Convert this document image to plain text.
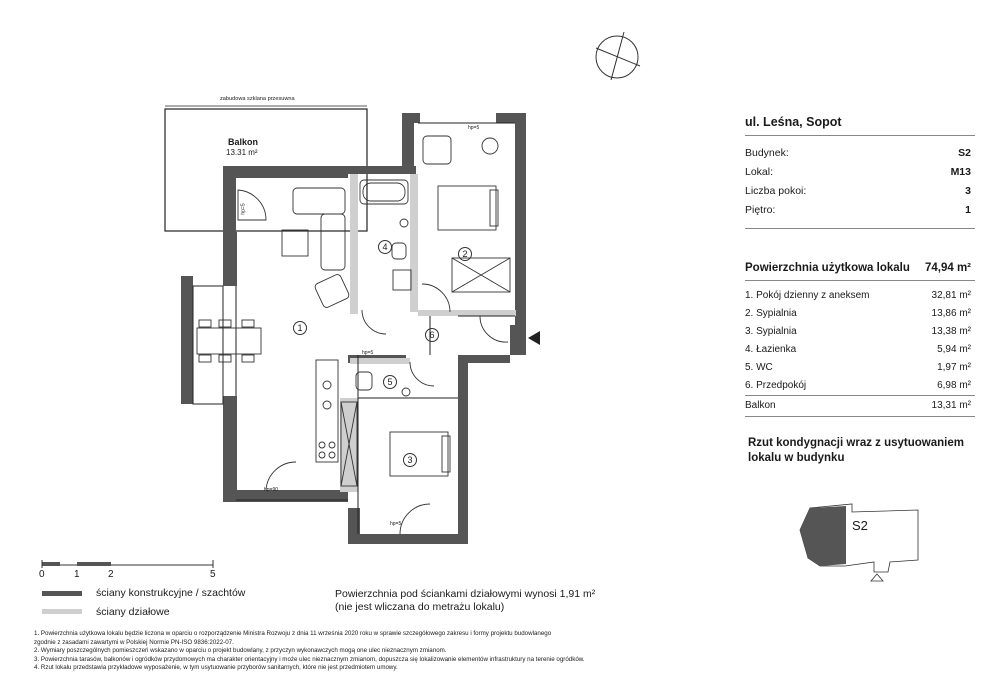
zabudowa szklana przesuwna
Balkon
13.31 m²
1
2
3
4
5
6
hp=5
hp=90
hp=5
hp=5
hp=5
S2
0	1	2	5
ściany konstrukcyjne / szachtów
ściany działowe
Powierzchnia pod ściankami działowymi wynosi 1,91 m²
(nie jest wliczana do metrażu lokalu)
1. Powierzchnia użytkowa lokalu będzie liczona w oparciu o rozporządzenie Ministra Rozwoju z dnia 11 września 2020 roku w sprawie szczegółowego zakresu i formy projektu budowlanego
zgodnie z zasadami zawartymi w Polskiej Normie PN-ISO 9836:2022-07.
2. Wymiary poszczególnych pomieszczeń wskazano w oparciu o projekt budowlany, z przyczyn wykonawczych mogą one ulec nieznacznym zmianom.
3. Powierzchnia tarasów, balkonów i ogródków przydomowych ma charakter orientacyjny i może ulec nieznacznym zmianom, dopuszcza się lokalizowanie elementów infrastruktury na terenie ogródków.
4. Rzut lokalu przedstawia przykładowe wyposażenie, w tym usytuowanie przyborów sanitarnych, które nie jest przedmiotem umowy.
ul. Leśna, Sopot
Budynek:	S2
Lokal:	M13
Liczba pokoi:	3
Piętro:	1
Powierzchnia użytkowa lokalu 74,94 m²
1. Pokój dzienny z aneksem	32,81 m²
2. Sypialnia	13,86 m²
3. Sypialnia	13,38 m²
4. Łazienka	5,94 m²
5. WC	1,97 m²
6. Przedpokój	6,98 m²
Balkon	13,31 m²
Rzut kondygnacji wraz z usytuowaniem lokalu w budynku
